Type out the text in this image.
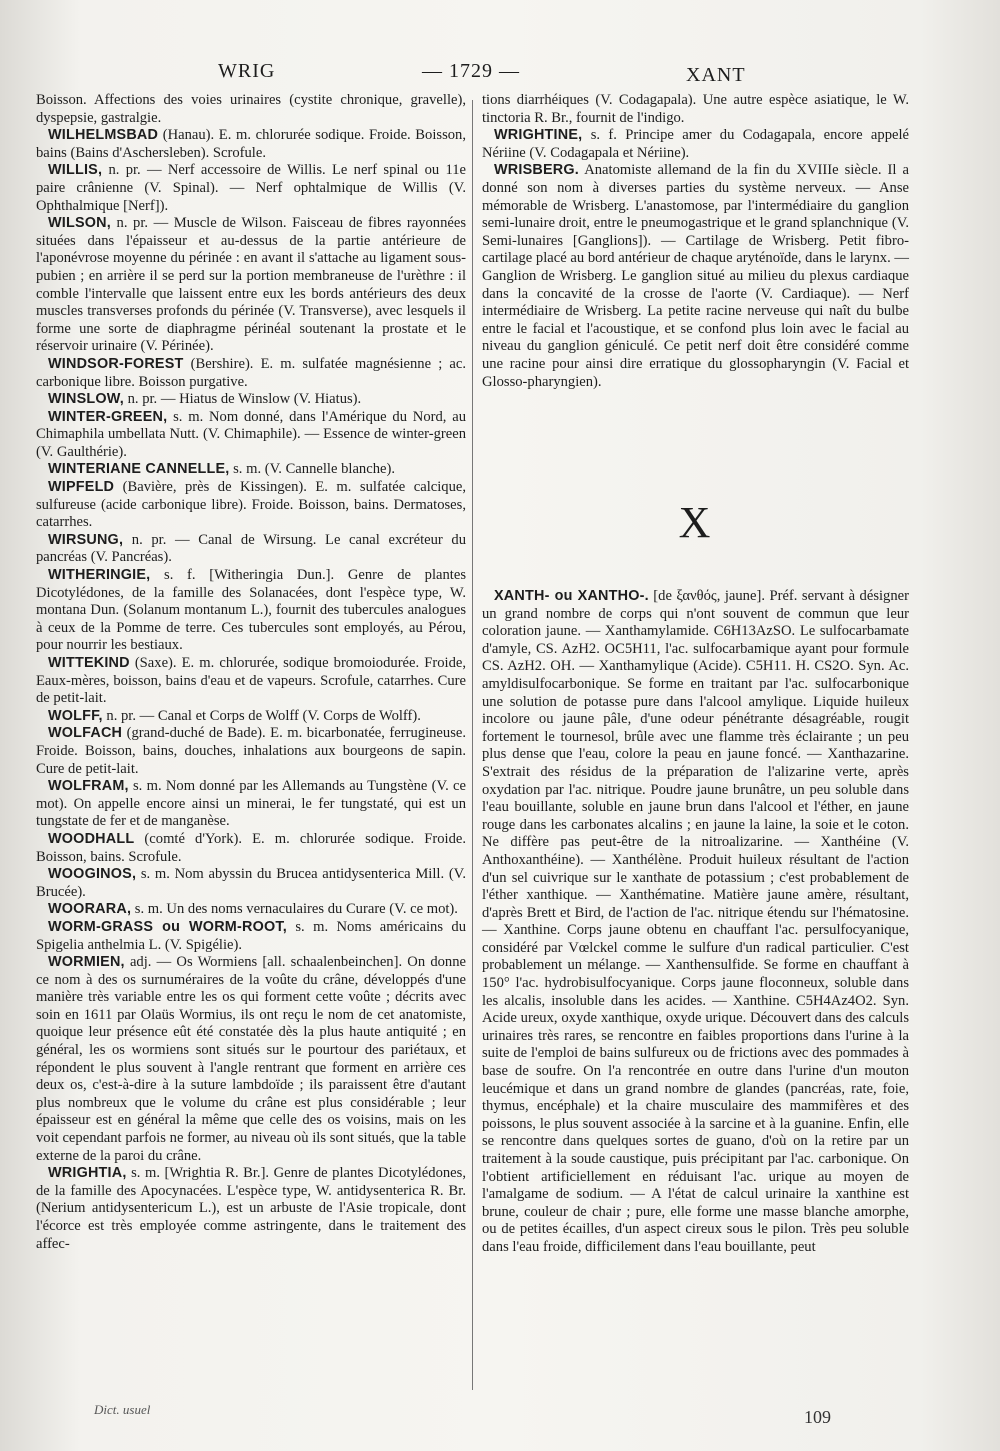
WRIG	— 1729 —	XANT

Boisson. Affections des voies urinaires (cystite chronique, gravelle), dyspepsie, gastralgie.

WILHELMSBAD (Hanau). E. m. chlorurée sodique. Froide. Boisson, bains (Bains d'Aschersleben). Scrofule.

WILLIS, n. pr. — Nerf accessoire de Willis. Le nerf spinal ou 11e paire crânienne (V. Spinal). — Nerf ophtalmique de Willis (V. Ophthalmique [Nerf]).

WILSON, n. pr. — Muscle de Wilson. Faisceau de fibres rayonnées situées dans l'épaisseur et au-dessus de la partie antérieure de l'aponévrose moyenne du périnée : en avant il s'attache au ligament sous-pubien ; en arrière il se perd sur la portion membraneuse de l'urèthre : il comble l'intervalle que laissent entre eux les bords antérieurs des deux muscles transverses profonds du périnée (V. Transverse), avec lesquels il forme une sorte de diaphragme périnéal soutenant la prostate et le réservoir urinaire (V. Périnée).

WINDSOR-FOREST (Bershire). E. m. sulfatée magnésienne ; ac. carbonique libre. Boisson purgative.

WINSLOW, n. pr. — Hiatus de Winslow (V. Hiatus).

WINTER-GREEN, s. m. Nom donné, dans l'Amérique du Nord, au Chimaphila umbellata Nutt. (V. Chimaphile). — Essence de winter-green (V. Gaulthérie).

WINTERIANE CANNELLE, s. m. (V. Cannelle blanche).

WIPFELD (Bavière, près de Kissingen). E. m. sulfatée calcique, sulfureuse (acide carbonique libre). Froide. Boisson, bains. Dermatoses, catarrhes.

WIRSUNG, n. pr. — Canal de Wirsung. Le canal excréteur du pancréas (V. Pancréas).

WITHERINGIE, s. f. [Witheringia Dun.]. Genre de plantes Dicotylédones, de la famille des Solanacées, dont l'espèce type, W. montana Dun. (Solanum montanum L.), fournit des tubercules analogues à ceux de la Pomme de terre. Ces tubercules sont employés, au Pérou, pour nourrir les bestiaux.

WITTEKIND (Saxe). E. m. chlorurée, sodique bromoiodurée. Froide, Eaux-mères, boisson, bains d'eau et de vapeurs. Scrofule, catarrhes. Cure de petit-lait.

WOLFF, n. pr. — Canal et Corps de Wolff (V. Corps de Wolff).

WOLFACH (grand-duché de Bade). E. m. bicarbonatée, ferrugineuse. Froide. Boisson, bains, douches, inhalations aux bourgeons de sapin. Cure de petit-lait.

WOLFRAM, s. m. Nom donné par les Allemands au Tungstène (V. ce mot). On appelle encore ainsi un minerai, le fer tungstaté, qui est un tungstate de fer et de manganèse.

WOODHALL (comté d'York). E. m. chlorurée sodique. Froide. Boisson, bains. Scrofule.

WOOGINOS, s. m. Nom abyssin du Brucea antidysenterica Mill. (V. Brucée).

WOORARA, s. m. Un des noms vernaculaires du Curare (V. ce mot).

WORM-GRASS ou WORM-ROOT, s. m. Noms américains du Spigelia anthelmia L. (V. Spigélie).

WORMIEN, adj. — Os Wormiens [all. schaalenbeinchen]. On donne ce nom à des os surnuméraires de la voûte du crâne, développés d'une manière très variable entre les os qui forment cette voûte ; décrits avec soin en 1611 par Olaüs Wormius, ils ont reçu le nom de cet anatomiste, quoique leur présence eût été constatée dès la plus haute antiquité ; en général, les os wormiens sont situés sur le pourtour des pariétaux, et répondent le plus souvent à l'angle rentrant que forment en arrière ces deux os, c'est-à-dire à la suture lambdoïde ; ils paraissent être d'autant plus nombreux que le volume du crâne est plus considérable ; leur épaisseur est en général la même que celle des os voisins, mais on les voit cependant parfois ne former, au niveau où ils sont situés, que la table externe de la paroi du crâne.

WRIGHTIA, s. m. [Wrightia R. Br.]. Genre de plantes Dicotylédones, de la famille des Apocynacées. L'espèce type, W. antidysenterica R. Br. (Nerium antidysentericum L.), est un arbuste de l'Asie tropicale, dont l'écorce est très employée comme astringente, dans le traitement des affec-

tions diarrhéiques (V. Codagapala). Une autre espèce asiatique, le W. tinctoria R. Br., fournit de l'indigo.

WRIGHTINE, s. f. Principe amer du Codagapala, encore appelé Nériine (V. Codagapala et Nériine).

WRISBERG. Anatomiste allemand de la fin du XVIIIe siècle. Il a donné son nom à diverses parties du système nerveux. — Anse mémorable de Wrisberg. L'anastomose, par l'intermédiaire du ganglion semi-lunaire droit, entre le pneumogastrique et le grand splanchnique (V. Semi-lunaires [Ganglions]). — Cartilage de Wrisberg. Petit fibro-cartilage placé au bord antérieur de chaque aryténoïde, dans le larynx. — Ganglion de Wrisberg. Le ganglion situé au milieu du plexus cardiaque dans la concavité de la crosse de l'aorte (V. Cardiaque). — Nerf intermédiaire de Wrisberg. La petite racine nerveuse qui naît du bulbe entre le facial et l'acoustique, et se confond plus loin avec le facial au niveau du ganglion géniculé. Ce petit nerf doit être considéré comme une racine pour ainsi dire erratique du glossopharyngin (V. Facial et Glosso-pharyngien).

X

XANTH- ou XANTHO-. [de ξανθός, jaune]. Préf. servant à désigner un grand nombre de corps qui n'ont souvent de commun que leur coloration jaune. — Xanthamylamide. C6H13AzSO. Le sulfocarbamate d'amyle, CS. AzH2. OC5H11, l'ac. sulfocarbamique ayant pour formule CS. AzH2. OH. — Xanthamylique (Acide). C5H11. H. CS2O. Syn. Ac. amyldisulfocarbonique. Se forme en traitant par l'ac. sulfocarbonique une solution de potasse pure dans l'alcool amylique. Liquide huileux incolore ou jaune pâle, d'une odeur pénétrante désagréable, rougit fortement le tournesol, brûle avec une flamme très éclairante ; un peu plus dense que l'eau, colore la peau en jaune foncé. — Xanthazarine. S'extrait des résidus de la préparation de l'alizarine verte, après oxydation par l'ac. nitrique. Poudre jaune brunâtre, un peu soluble dans l'eau bouillante, soluble en jaune brun dans l'alcool et l'éther, en jaune rouge dans les carbonates alcalins ; en jaune la laine, la soie et le coton. Ne diffère pas peut-être de la nitroalizarine. — Xanthéine (V. Anthoxanthéine). — Xanthélène. Produit huileux résultant de l'action d'un sel cuivrique sur le xanthate de potassium ; c'est probablement de l'éther xanthique. — Xanthématine. Matière jaune amère, résultant, d'après Brett et Bird, de l'action de l'ac. nitrique étendu sur l'hématosine. — Xanthine. Corps jaune obtenu en chauffant l'ac. persulfocyanique, considéré par Vœlckel comme le sulfure d'un radical particulier. C'est probablement un mélange. — Xanthensulfide. Se forme en chauffant à 150° l'ac. hydrobisulfocyanique. Corps jaune floconneux, soluble dans les alcalis, insoluble dans les acides. — Xanthine. C5H4Az4O2. Syn. Acide ureux, oxyde xanthique, oxyde urique. Découvert dans des calculs urinaires très rares, se rencontre en faibles proportions dans l'urine à la suite de l'emploi de bains sulfureux ou de frictions avec des pommades à base de soufre. On l'a rencontrée en outre dans l'urine d'un mouton leucémique et dans un grand nombre de glandes (pancréas, rate, foie, thymus, encéphale) et la chaire musculaire des mammifères et des poissons, le plus souvent associée à la sarcine et à la guanine. Enfin, elle se rencontre dans quelques sortes de guano, d'où on la retire par un traitement à la soude caustique, puis précipitant par l'ac. carbonique. On l'obtient artificiellement en réduisant l'ac. urique au moyen de l'amalgame de sodium. — A l'état de calcul urinaire la xanthine est brune, couleur de chair ; pure, elle forme une masse blanche amorphe, ou de petites écailles, d'un aspect cireux sous le pilon. Très peu soluble dans l'eau froide, difficilement dans l'eau bouillante, peut

Dict. usuel	109
